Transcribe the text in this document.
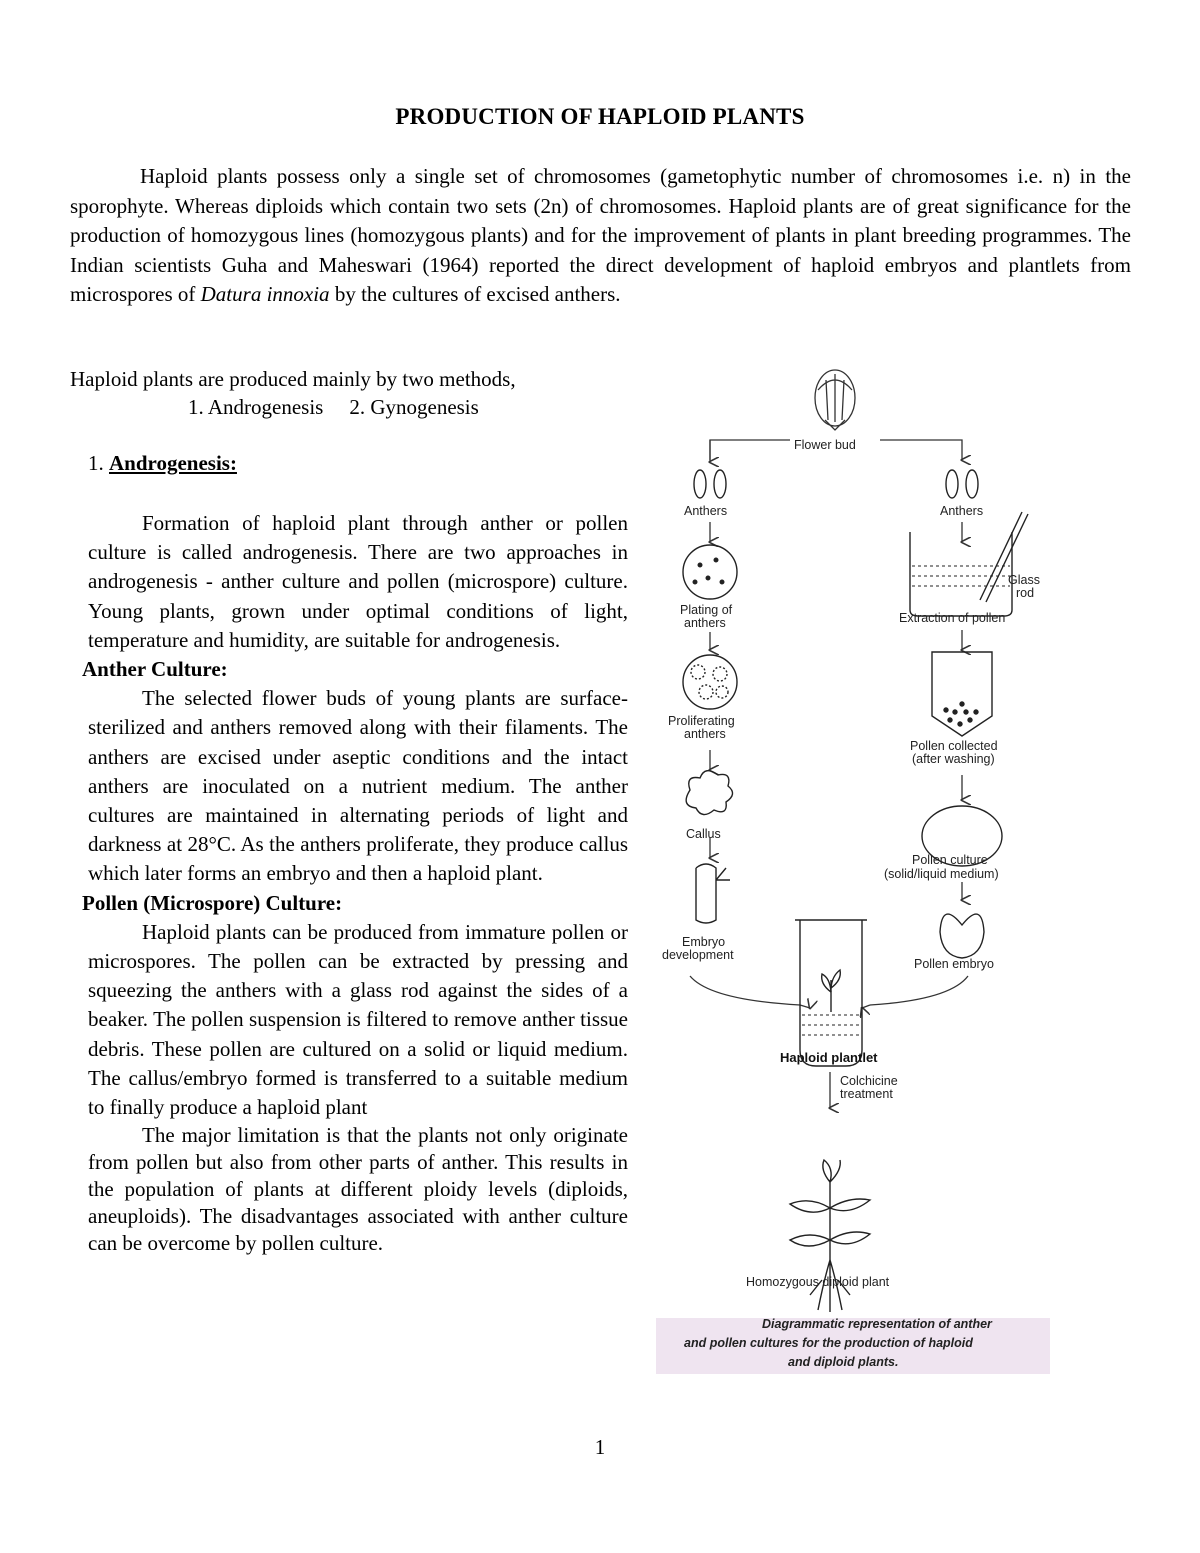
PRODUCTION OF HAPLOID PLANTS

Haploid plants possess only a single set of chromosomes (gametophytic number of chromosomes i.e. n) in the sporophyte. Whereas diploids which contain two sets (2n) of chromosomes. Haploid plants are of great significance for the production of homozygous lines (homozygous plants) and for the improvement of plants in plant breeding programmes. The Indian scientists Guha and Maheswari (1964) reported the direct development of haploid embryos and plantlets from microspores of Datura innoxia by the cultures of excised anthers.

Haploid plants are produced mainly by two methods,
1. Androgenesis 2. Gynogenesis
1. Androgenesis:

Formation of haploid plant through anther or pollen culture is called androgenesis. There are two approaches in androgenesis - anther culture and pollen (microspore) culture. Young plants, grown under optimal conditions of light, temperature and humidity, are suitable for androgenesis.

Anther Culture:

The selected flower buds of young plants are surface-sterilized and anthers removed along with their filaments. The anthers are excised under aseptic conditions and the intact anthers are inoculated on a nutrient medium. The anther cultures are maintained in alternating periods of light and darkness at 28°C. As the anthers proliferate, they produce callus which later forms an embryo and then a haploid plant.

Pollen (Microspore) Culture:

Haploid plants can be produced from immature pollen or microspores. The pollen can be extracted by pressing and squeezing the anthers with a glass rod against the sides of a beaker. The pollen suspension is filtered to remove anther tissue debris. These pollen are cultured on a solid or liquid medium. The callus/embryo formed is transferred to a suitable medium to finally produce a haploid plant

The major limitation is that the plants not only originate from pollen but also from other parts of anther. This results in the population of plants at different ploidy levels (diploids, aneuploids). The disadvantages associated with anther culture can be overcome by pollen culture.

Flower bud
Anthers	Anthers
Plating of
anthers
Glass
rod
Extraction of pollen
Proliferating
anthers
Pollen collected
(after washing)
Callus
Pollen culture
(solid/liquid medium)
Embryo
development
Pollen embryo
Haploid plantlet
Colchicine
treatment
Homozygous diploid plant
Diagrammatic representation of anther
and pollen cultures for the production of haploid
and diploid plants.
1
